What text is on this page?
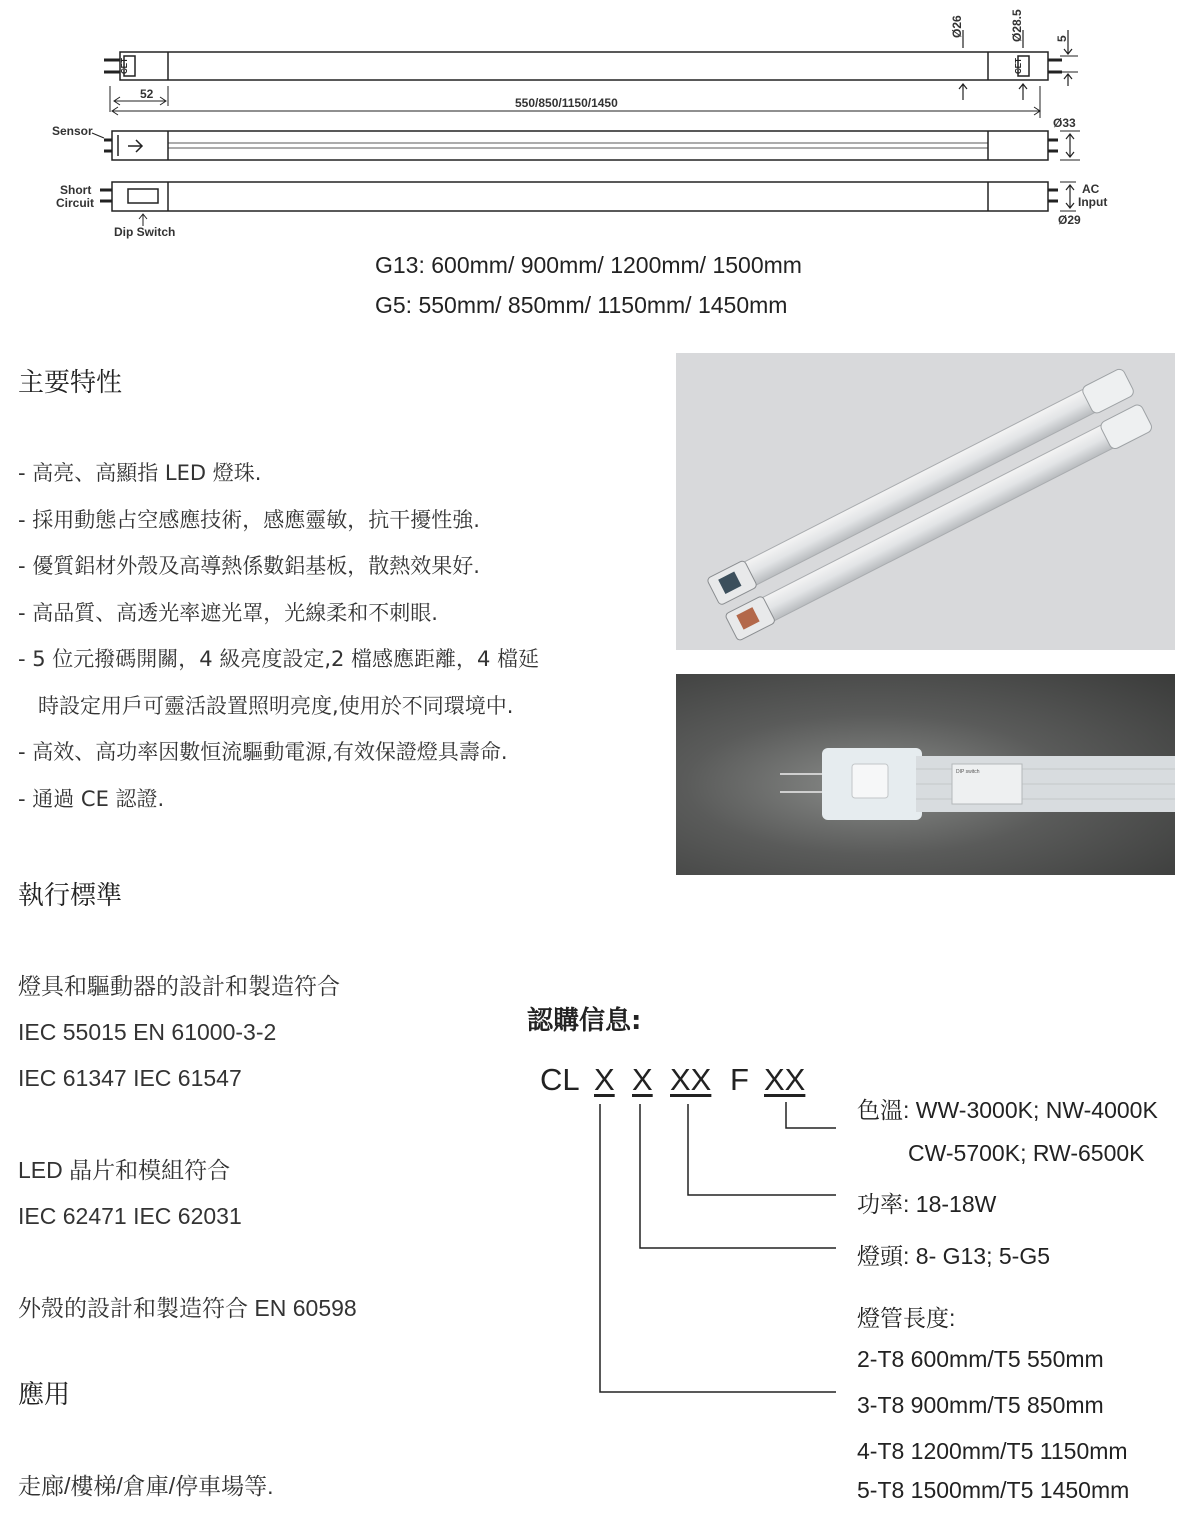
52
550/850/1150/1450
Ø26	Ø28.5	5
Ø33
Ø29
AC
Input
Sensor
Short
Circuit
Dip Switch
CET	CET
G13: 600mm/ 900mm/ 1200mm/ 1500mm
G5: 550mm/ 850mm/ 1150mm/ 1450mm
主要特性
- 高亮、高顯指 LED 燈珠.
- 採用動態占空感應技術，感應靈敏，抗干擾性強.
- 優質鋁材外殼及高導熱係數鋁基板，散熱效果好.
- 高品質、高透光率遮光罩，光線柔和不刺眼.
- 5 位元撥碼開關，4 級亮度設定,2 檔感應距離，4 檔延
時設定用戶可靈活設置照明亮度,使用於不同環境中.
- 高效、高功率因數恒流驅動電源,有效保證燈具壽命.
- 通過 CE 認證.
DIP switch
執行標準
燈具和驅動器的設計和製造符合
IEC 55015 EN 61000-3-2
IEC 61347 IEC 61547
LED 晶片和模組符合
IEC 62471 IEC 62031
外殼的設計和製造符合 EN 60598
應用
走廊/樓梯/倉庫/停車場等.
認購信息:
CL X X XX F XX
色溫: WW-3000K; NW-4000K
CW-5700K; RW-6500K
功率: 18-18W
燈頭: 8- G13; 5-G5
燈管長度:
2-T8 600mm/T5 550mm
3-T8 900mm/T5 850mm
4-T8 1200mm/T5 1150mm
5-T8 1500mm/T5 1450mm
